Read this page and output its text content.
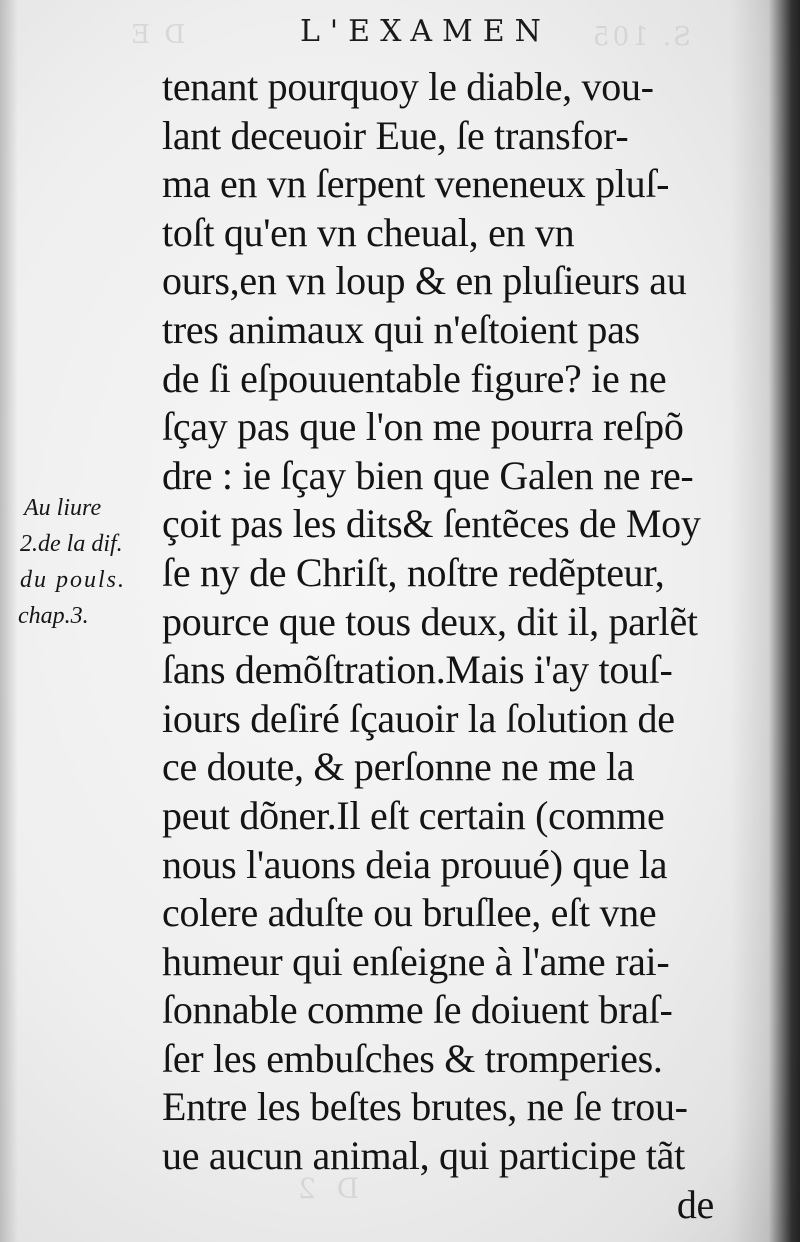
D E	S. 105
D 2
L'EXAMEN
Au liure
2.de la dif.
du pouls.
chap.3.
tenant pourquoy le diable, vou-
lant deceuoir Eue, ſe transfor-
ma en vn ſerpent veneneux pluſ-
toſt qu'en vn cheual, en vn
ours,en vn loup & en pluſieurs au
tres animaux qui n'eſtoient pas
de ſi eſpouuentable figure? ie ne
ſçay pas que l'on me pourra reſpõ
dre : ie ſçay bien que Galen ne re-
çoit pas les dits& ſentẽces de Moy
ſe ny de Chriſt, noſtre redẽpteur,
pource que tous deux, dit il, parlẽt
ſans demõſtration.Mais i'ay touſ-
iours deſiré ſçauoir la ſolution de
ce doute, & perſonne ne me la
peut dõner.Il eſt certain (comme
nous l'auons deia prouué) que la
colere aduſte ou bruſlee, eſt vne
humeur qui enſeigne à l'ame rai-
ſonnable comme ſe doiuent braſ-
ſer les embuſches & tromperies.
Entre les beſtes brutes, ne ſe trou-
ue aucun animal, qui participe tãt
de
